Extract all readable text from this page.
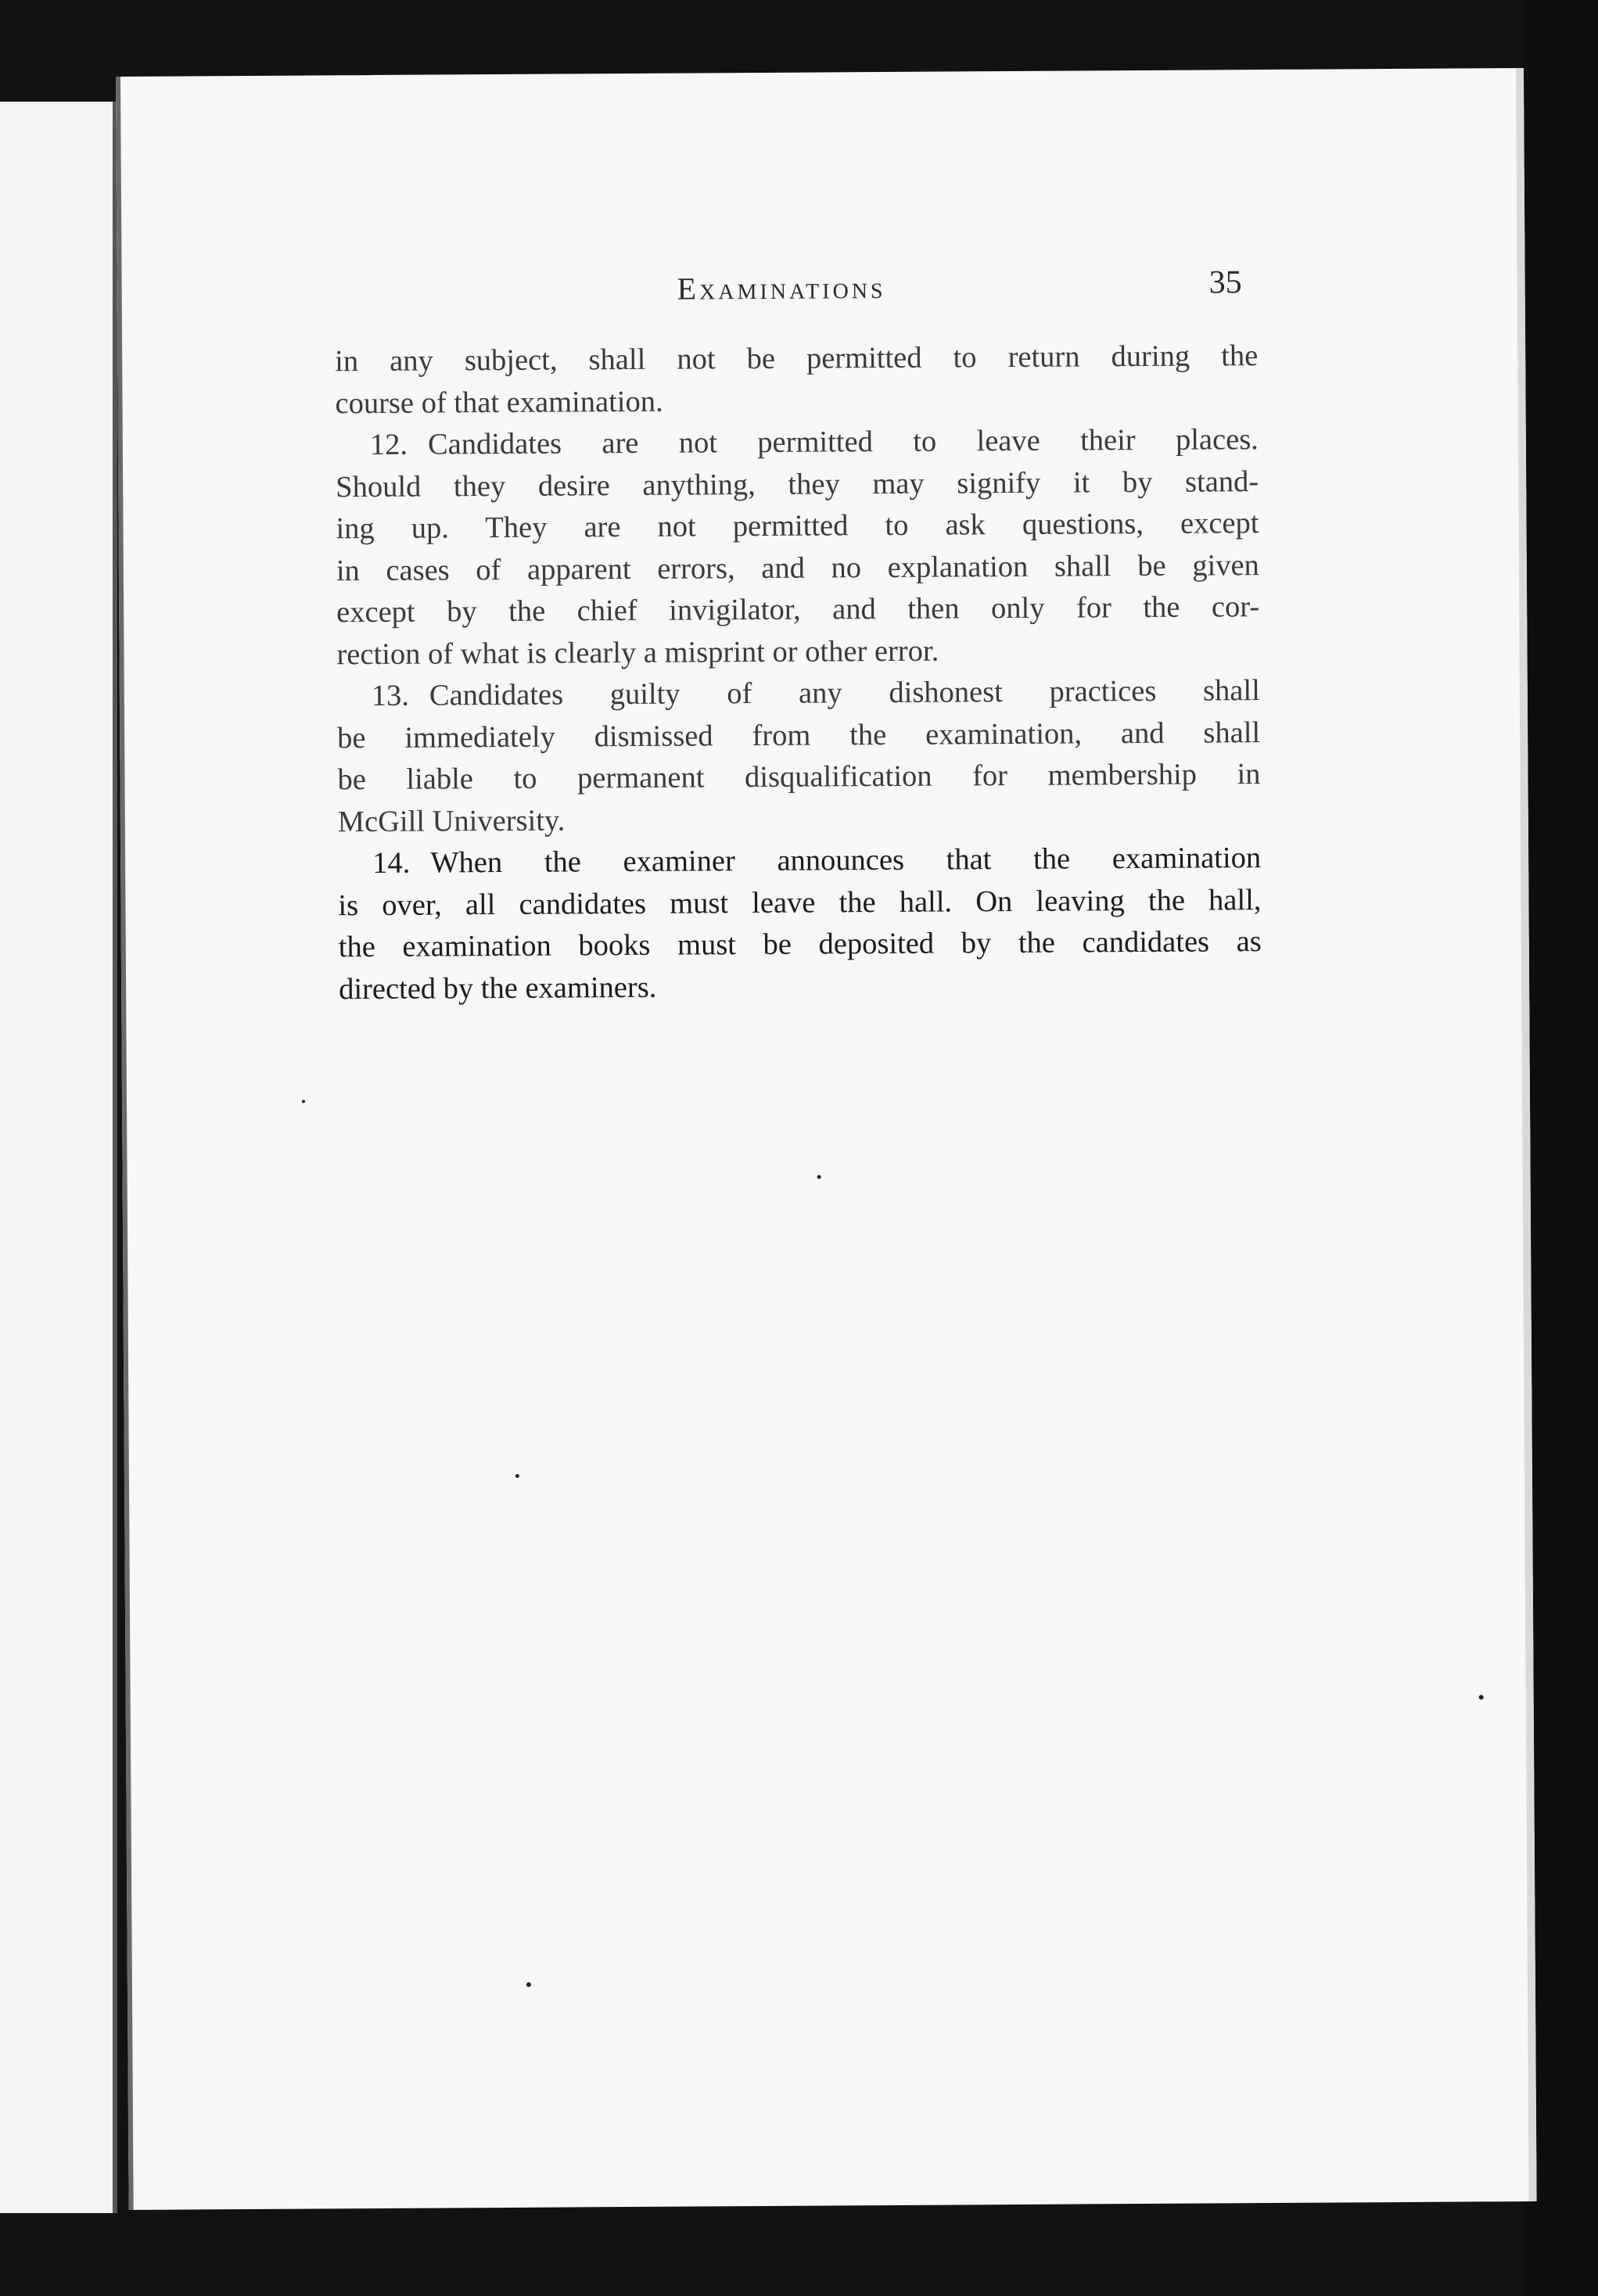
Examinations	35

in any subject, shall not be permitted to return during the
course of that examination.

12. Candidates are not permitted to leave their places.
Should they desire anything, they may signify it by stand-
ing up. They are not permitted to ask questions, except
in cases of apparent errors, and no explanation shall be given
except by the chief invigilator, and then only for the cor-
rection of what is clearly a misprint or other error.

13. Candidates guilty of any dishonest practices shall
be immediately dismissed from the examination, and shall
be liable to permanent disqualification for membership in
McGill University.

14. When the examiner announces that the examination
is over, all candidates must leave the hall. On leaving the hall,
the examination books must be deposited by the candidates as
directed by the examiners.
